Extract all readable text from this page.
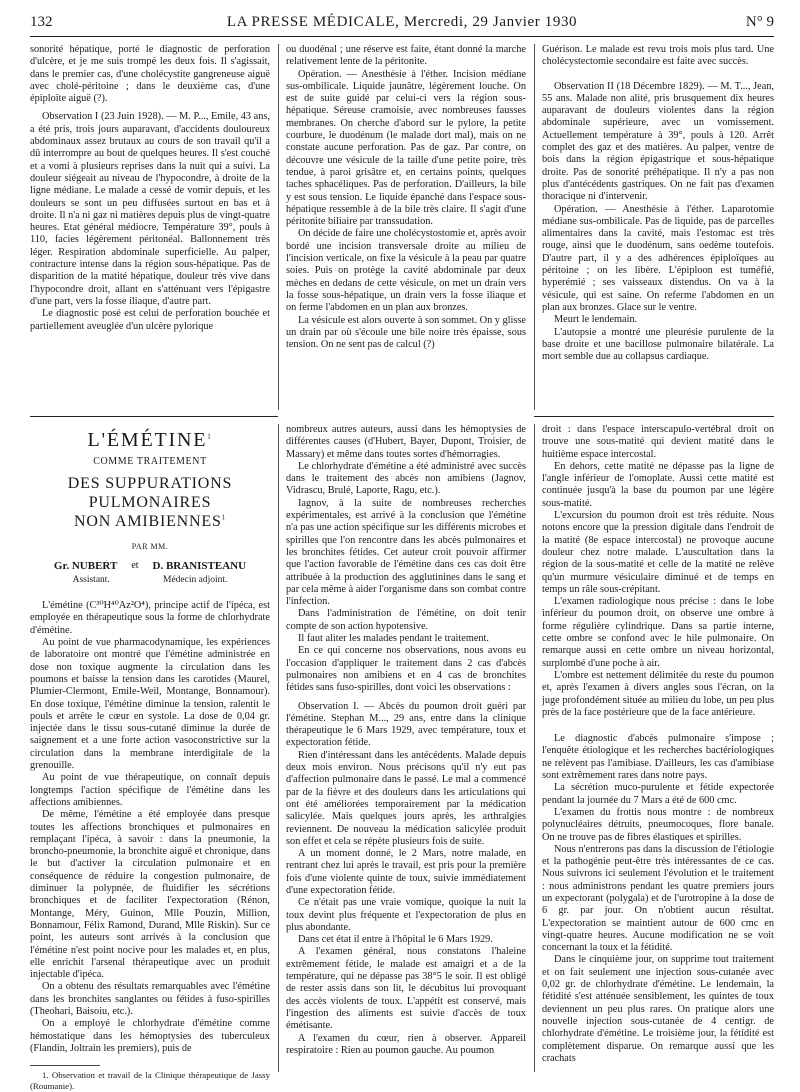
132	LA PRESSE MÉDICALE, Mercredi, 29 Janvier 1930	N° 9

sonorité hépatique, porté le diagnostic de perforation d'ulcère, et je me suis trompé les deux fois. Il s'agissait, dans le premier cas, d'une cholécystite gangreneuse aiguë avec cholé-péritoine ; dans le deuxième cas, d'une épiploïte aiguë (?).

Observation I (23 Juin 1928). — M. P..., Emile, 43 ans, a été pris, trois jours auparavant, d'accidents douloureux abdominaux assez brutaux au cours de son travail qu'il a dû interrompre au bout de quelques heures. Il s'est couché et a vomi à plusieurs reprises dans la nuit qui a suivi. La douleur siégeait au niveau de l'hypocondre, à droite de la ligne médiane. Le malade a cessé de vomir depuis, et les douleurs se sont un peu diffusées surtout en bas et à droite. Il n'a ni gaz ni matières depuis plus de vingt-quatre heures. Etat général médiocre. Température 39°, pouls à 110, facies légèrement péritonéal. Ballonnement très léger. Respiration abdominale superficielle. Au palper, contracture intense dans la région sous-hépatique. Pas de disparition de la matité hépatique, douleur très vive dans l'hypocondre droit, allant en s'atténuant vers l'épigastre d'une part, vers la fosse iliaque, d'autre part.

Le diagnostic posé est celui de perforation bouchée et partiellement aveuglée d'un ulcère pylorique

ou duodénal ; une réserve est faite, étant donné la marche relativement lente de la péritonite.

Opération. — Anesthésie à l'éther. Incision médiane sus-ombilicale. Liquide jaunâtre, légèrement louche. On est de suite guidé par celui-ci vers la région sous-hépatique. Séreuse cramoisie, avec nombreuses fausses membranes. On cherche d'abord sur le pylore, la petite courbure, le duodénum (le malade dort mal), mais on ne constate aucune perforation. Pas de gaz. Par contre, on découvre une vésicule de la taille d'une petite poire, très tendue, à paroi grisâtre et, en certains points, quelques taches sphacéliques. Pas de perforation. D'ailleurs, la bile y est sous tension. Le liquide épanché dans l'espace sous-hépatique ressemble à de la bile très claire. Il s'agit d'une péritonite biliaire par transsudation.

On décide de faire une cholécystostomie et, après avoir bordé une incision transversale droite au milieu de l'incision verticale, on fixe la vésicule à la peau par quatre soies. Puis on protège la cavité abdominale par deux mèches en dedans de cette vésicule, on met un drain vers la fosse sous-hépatique, un drain vers la fosse iliaque et on ferme l'abdomen en un plan aux bronzes.

La vésicule est alors ouverte à son sommet. On y glisse un drain par où s'écoule une bile noire très épaisse, sous tension. On ne sent pas de calcul (?)

Guérison. Le malade est revu trois mois plus tard. Une cholécystectomie secondaire est faite avec succès.

Observation II (18 Décembre 1829). — M. T..., Jean, 55 ans. Malade non alité, pris brusquement dix heures auparavant de douleurs violentes dans la région abdominale supérieure, avec un vomissement. Actuellement température à 39°, pouls à 120. Arrêt complet des gaz et des matières. Au palper, ventre de bois dans la région épigastrique et sous-hépatique droite. Pas de sonorité préhépatique. Il n'y a pas non plus d'antécédents gastriques. On ne fait pas d'examen thoracique ni d'intervenir.

Opération. — Anesthésie à l'éther. Laparotomie médiane sus-ombilicale. Pas de liquide, pas de parcelles alimentaires dans la cavité, mais l'estomac est très rouge, ainsi que le duodénum, sans oedème toutefois. D'autre part, il y a des adhérences épiploïques au péritoine ; on les libère. L'épiploon est tuméfié, hyperémié ; ses vaisseaux distendus. On va à la vésicule, qui est saine. On referme l'abdomen en un plan aux bronzes. Glace sur le ventre.

Meurt le lendemain.

L'autopsie a montré une pleurésie purulente de la base droite et une bacillose pulmonaire bilatérale. La mort semble due au collapsus cardiaque.

L'ÉMÉTINE$^1$
COMME TRAITEMENT
DES SUPPURATIONS PULMONAIRES
NON AMIBIENNES$^1$
PAR MM.
Gr. NUBERT et D. BRANISTEANU
Assistant.	Médecin adjoint.

L'émétine (C³⁰H⁴⁰Az²O⁴), principe actif de l'ipéca, est employée en thérapeutique sous la forme de chlorhydrate d'émétine.

Au point de vue pharmacodynamique, les expériences de laboratoire ont montré que l'émétine administrée en dose non toxique augmente la circulation dans les poumons et baisse la tension dans les carotides (Maurel, Plumier-Clermont, Emile-Weil, Montange, Bonnamour). En dose toxique, l'émétine diminue la tension, ralentit le pouls et arrête le cœur en systole. La dose de 0,04 gr. injectée dans le tissu sous-cutané diminue la durée de saignement et a une forte action vasoconstrictive sur la circulation dans la membrane interdigitale de la grenouille.

Au point de vue thérapeutique, on connaît depuis longtemps l'action spécifique de l'émétine dans les affections amibiennes.

De même, l'émétine a été employée dans presque toutes les affections bronchiques et pulmonaires en remplaçant l'ipéca, à savoir : dans la pneumonie, la broncho-pneumonie, la bronchite aiguë et chronique, dans le but d'activer la circulation pulmonaire et en conséquence de réduire la congestion pulmonaire, de diminuer la polypnée, de fluidifier les sécrétions bronchiques et de faciliter l'expectoration (Rénon, Montange, Méry, Guinon, Mlle Pouzin, Million, Bonnamour, Félix Ramond, Durand, Mlle Riskin). Sur ce point, les auteurs sont arrivés à la conclusion que l'émétine n'est point nocive pour les malades et, en plus, elle enrichit l'arsenal thérapeutique avec un produit injectable d'ipéca.

On a obtenu des résultats remarquables avec l'émétine dans les bronchites sanglantes ou fétides à fuso-spirilles (Theohari, Baisoiu, etc.).

On a employé le chlorhydrate d'émétine comme hémostatique dans les hémoptysies des tuberculeux (Flandin, Joltrain les premiers), puis de

1. Observation et travail de la Clinique thérapeutique de Jassy (Roumanie).

nombreux autres auteurs, aussi dans les hémoptysies de différentes causes (d'Hubert, Bayer, Dupont, Troisier, de Massary) et même dans toutes sortes d'hémorragies.

Le chlorhydrate d'émétine a été administré avec succès dans le traitement des abcès non amibiens (Jagnov, Vidrascu, Brulé, Laporte, Ragu, etc.).

Iagnov, à la suite de nombreuses recherches expérimentales, est arrivé à la conclusion que l'émétine n'a pas une action spécifique sur les différents microbes et spirilles que l'on rencontre dans les abcès pulmonaires et les bronchites fétides. Cet auteur croit pouvoir affirmer que l'action favorable de l'émétine dans ces cas doit être attribuée à la production des agglutinines dans le sang et par cela même à aider l'organisme dans son combat contre l'infection.

Dans l'administration de l'émétine, on doit tenir compte de son action hypotensive.

Il faut aliter les malades pendant le traitement.

En ce qui concerne nos observations, nous avons eu l'occasion d'appliquer le traitement dans 2 cas d'abcès pulmonaires non amibiens et en 4 cas de bronchites fétides sans fuso-spirilles, dont voici les observations :

Observation I. — Abcès du poumon droit guéri par l'émétine. Stephan M..., 29 ans, entre dans la clinique thérapeutique le 6 Mars 1929, avec température, toux et expectoration fétide.

Rien d'intéressant dans les antécédents. Malade depuis deux mois environ. Nous précisons qu'il n'y eut pas d'affection pulmonaire dans le passé. Le mal a commencé par de la fièvre et des douleurs dans les articulations qui ont été améliorées temporairement par la médication salicylée. Mais quelques jours après, les arthralgies reviennent. De nouveau la médication salicylée produit son effet et cela se répète plusieurs fois de suite.

A un moment donné, le 2 Mars, notre malade, en rentrant chez lui après le travail, est pris pour la première fois d'une violente quinte de toux, suivie immédiatement d'une expectoration fétide.

Ce n'était pas une vraie vomique, quoique la nuit la toux devint plus fréquente et l'expectoration de plus en plus abondante.

Dans cet état il entre à l'hôpital le 6 Mars 1929.

A l'examen général, nous constatons l'haleine extrêmement fétide, le malade est amaigri et a de la température, qui ne dépasse pas 38°5 le soir. Il est obligé de rester assis dans son lit, le décubitus lui provoquant des accès violents de toux. L'appétit est conservé, mais l'ingestion des aliments est suivie d'accès de toux émétisante.

A l'examen du cœur, rien à observer. Appareil respiratoire : Rien au poumon gauche. Au poumon

droit : dans l'espace interscapulo-vertébral droit on trouve une sous-matité qui devient matité dans le huitième espace intercostal.

En dehors, cette matité ne dépasse pas la ligne de l'angle inférieur de l'omoplate. Aussi cette matité est continuée jusqu'à la base du poumon par une légère sous-matité.

L'excursion du poumon droit est très réduite. Nous notons encore que la pression digitale dans l'endroit de la matité (8e espace intercostal) ne provoque aucune douleur chez notre malade. L'auscultation dans la région de la sous-matité et celle de la matité ne relève qu'un murmure vésiculaire diminué et de temps en temps un râle sous-crépitant.

L'examen radiologique nous précise : dans le lobe inférieur du poumon droit, on observe une ombre à forme régulière cylindrique. Dans sa partie interne, cette ombre se confond avec le hile pulmonaire. On remarque aussi en cette ombre un niveau horizontal, surplombé d'une poche à air.

L'ombre est nettement délimitée du reste du poumon et, après l'examen à divers angles sous l'écran, on la juge profondément située au milieu du lobe, un peu plus près de la face postérieure que de la face antérieure.

Le diagnostic d'abcès pulmonaire s'impose ; l'enquête étiologique et les recherches bactériologiques ne relèvent pas l'amibiase. D'ailleurs, les cas d'amibiase sont extrêmement rares dans notre pays.

La sécrétion muco-purulente et fétide expectorée pendant la journée du 7 Mars a été de 600 cmc.

L'examen du frottis nous montre : de nombreux polynucléaires détruits, pneumocoques, flore banale. On ne trouve pas de fibres élastiques et spirilles.

Nous n'entrerons pas dans la discussion de l'étiologie et la pathogénie peut-être très intéressantes de ce cas. Nous suivrons ici seulement l'évolution et le traitement : nous administrons pendant les quatre premiers jours un expectorant (polygala) et de l'urotropine à la dose de 6 gr. par jour. On n'obtient aucun résultat. L'expectoration se maintient autour de 600 cmc en vingt-quatre heures. Aucune modification ne se voit concernant la toux et la fétidité.

Dans le cinquième jour, on supprime tout traitement et on fait seulement une injection sous-cutanée avec 0,02 gr. de chlorhydrate d'émétine. Le lendemain, la fétidité s'est atténuée sensiblement, les quintes de toux deviennent un peu plus rares. On pratique alors une nouvelle injection sous-cutanée de 4 centigr. de chlorhydrate d'émétine. Le troisième jour, la fétidité est complètement disparue. On remarque aussi que les crachats
